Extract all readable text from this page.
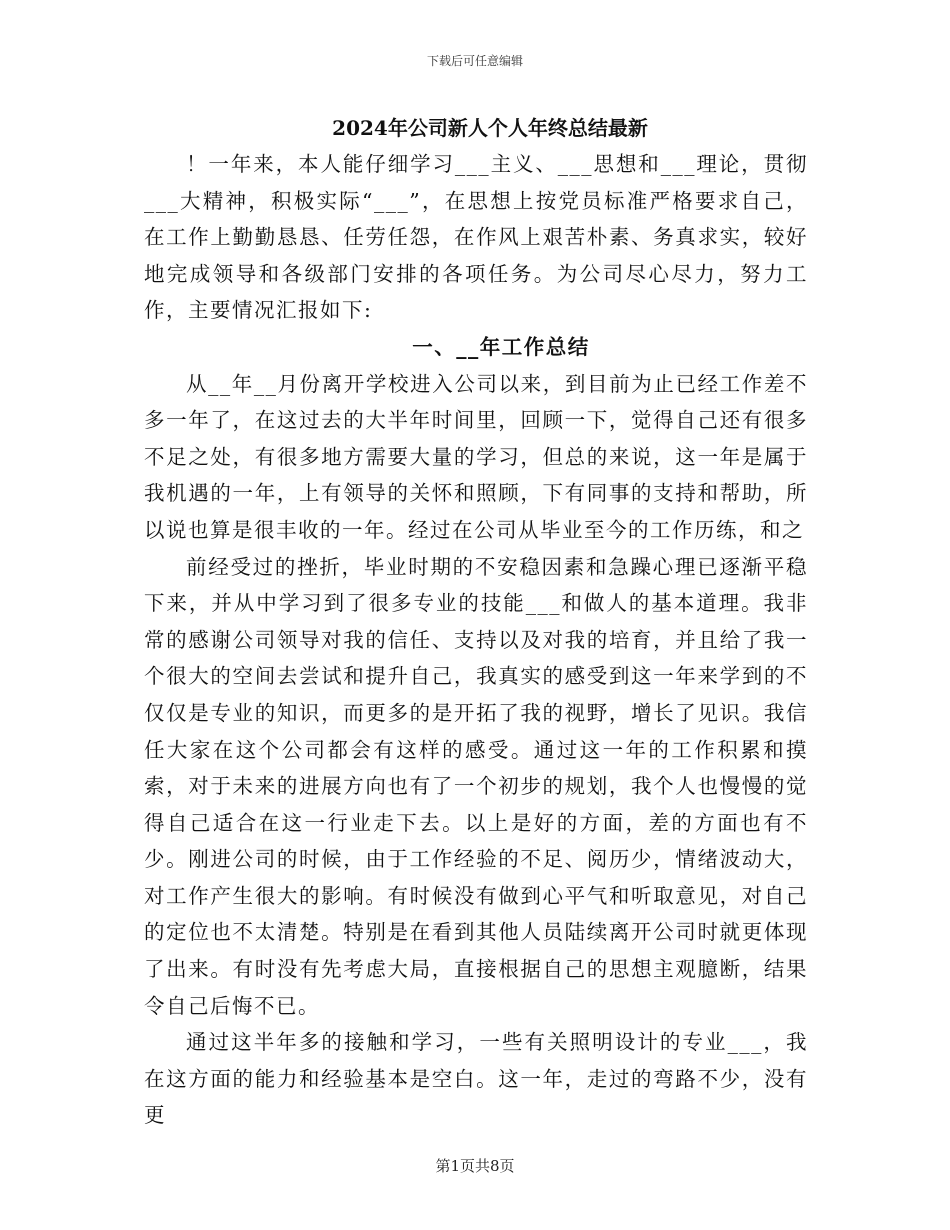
下载后可任意编辑
2024年公司新人个人年终总结最新

！一年来，本人能仔细学习___主义、___思想和___理论，贯彻___大精神，积极实际“___”，在思想上按党员标准严格要求自己，在工作上勤勤恳恳、任劳任怨，在作风上艰苦朴素、务真求实，较好地完成领导和各级部门安排的各项任务。为公司尽心尽力，努力工作，主要情况汇报如下:

一、__年工作总结

从__年__月份离开学校进入公司以来，到目前为止已经工作差不多一年了，在这过去的大半年时间里，回顾一下，觉得自己还有很多不足之处，有很多地方需要大量的学习，但总的来说，这一年是属于我机遇的一年，上有领导的关怀和照顾，下有同事的支持和帮助，所以说也算是很丰收的一年。经过在公司从毕业至今的工作历练，和之

前经受过的挫折，毕业时期的不安稳因素和急躁心理已逐渐平稳下来，并从中学习到了很多专业的技能___和做人的基本道理。我非常的感谢公司领导对我的信任、支持以及对我的培育，并且给了我一个很大的空间去尝试和提升自己，我真实的感受到这一年来学到的不仅仅是专业的知识，而更多的是开拓了我的视野，增长了见识。我信任大家在这个公司都会有这样的感受。通过这一年的工作积累和摸索，对于未来的进展方向也有了一个初步的规划，我个人也慢慢的觉得自己适合在这一行业走下去。以上是好的方面，差的方面也有不少。刚进公司的时候，由于工作经验的不足、阅历少，情绪波动大，对工作产生很大的影响。有时候没有做到心平气和听取意见，对自己的定位也不太清楚。特别是在看到其他人员陆续离开公司时就更体现了出来。有时没有先考虑大局，直接根据自己的思想主观臆断，结果令自己后悔不已。

通过这半年多的接触和学习，一些有关照明设计的专业___，我在这方面的能力和经验基本是空白。这一年，走过的弯路不少，没有更

第1页共8页
